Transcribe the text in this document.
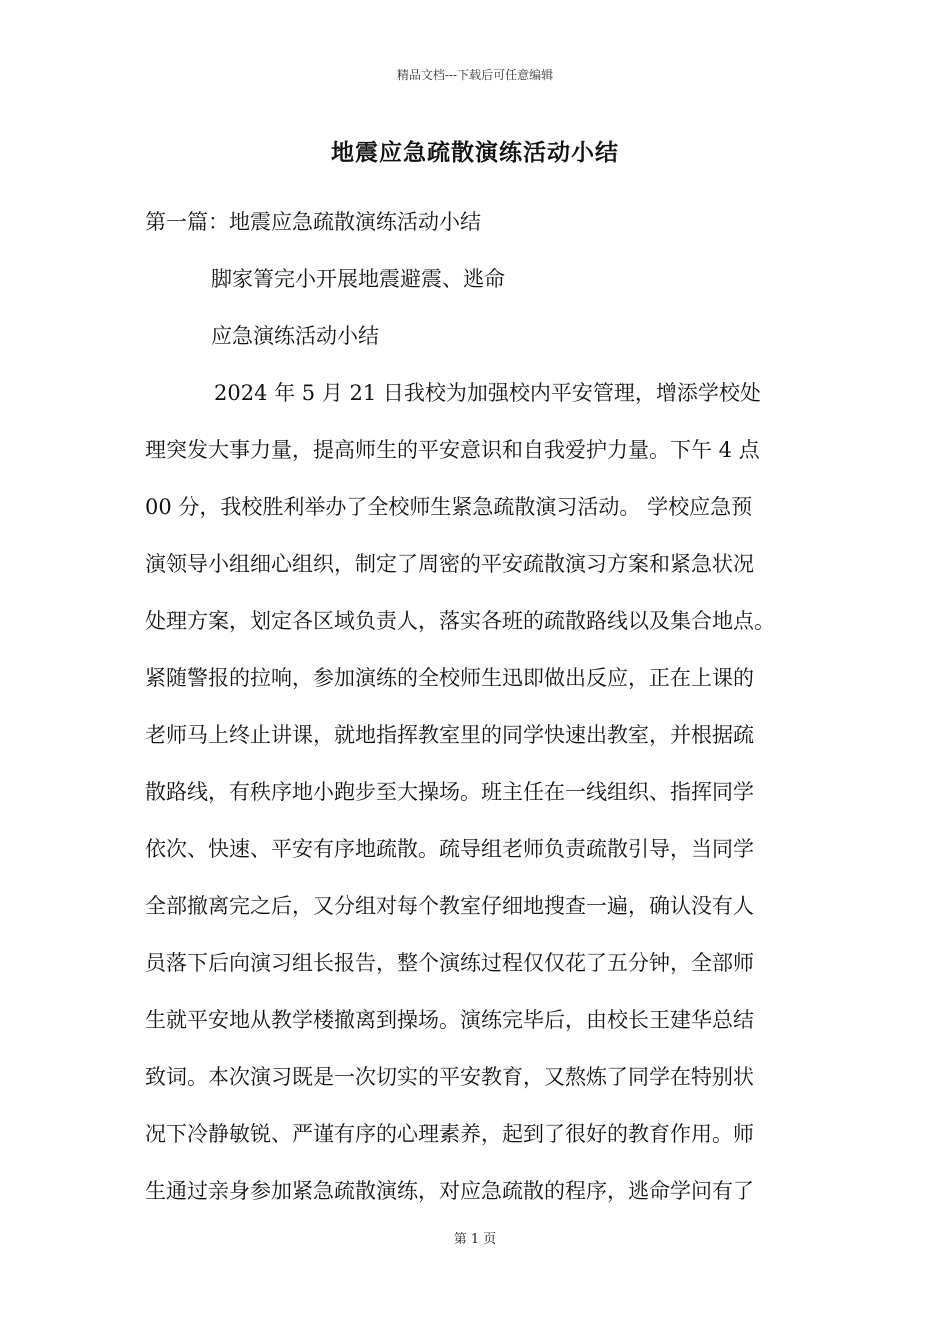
精品文档---下载后可任意编辑
地震应急疏散演练活动小结
第一篇：地震应急疏散演练活动小结
脚家箐完小开展地震避震、逃命
应急演练活动小结
2024 年 5 月 21 日我校为加强校内平安管理，增添学校处
理突发大事力量，提高师生的平安意识和自我爱护力量。下午 4 点
00 分，我校胜利举办了全校师生紧急疏散演习活动。 学校应急预
演领导小组细心组织，制定了周密的平安疏散演习方案和紧急状况
处理方案，划定各区域负责人，落实各班的疏散路线以及集合地点。
紧随警报的拉响，参加演练的全校师生迅即做出反应，正在上课的
老师马上终止讲课，就地指挥教室里的同学快速出教室，并根据疏
散路线，有秩序地小跑步至大操场。班主任在一线组织、指挥同学
依次、快速、平安有序地疏散。疏导组老师负责疏散引导，当同学
全部撤离完之后，又分组对每个教室仔细地搜查一遍，确认没有人
员落下后向演习组长报告，整个演练过程仅仅花了五分钟，全部师
生就平安地从教学楼撤离到操场。演练完毕后，由校长王建华总结
致词。本次演习既是一次切实的平安教育，又熬炼了同学在特别状
况下冷静敏锐、严谨有序的心理素养，起到了很好的教育作用。师
生通过亲身参加紧急疏散演练，对应急疏散的程序，逃命学问有了
第 1 页
